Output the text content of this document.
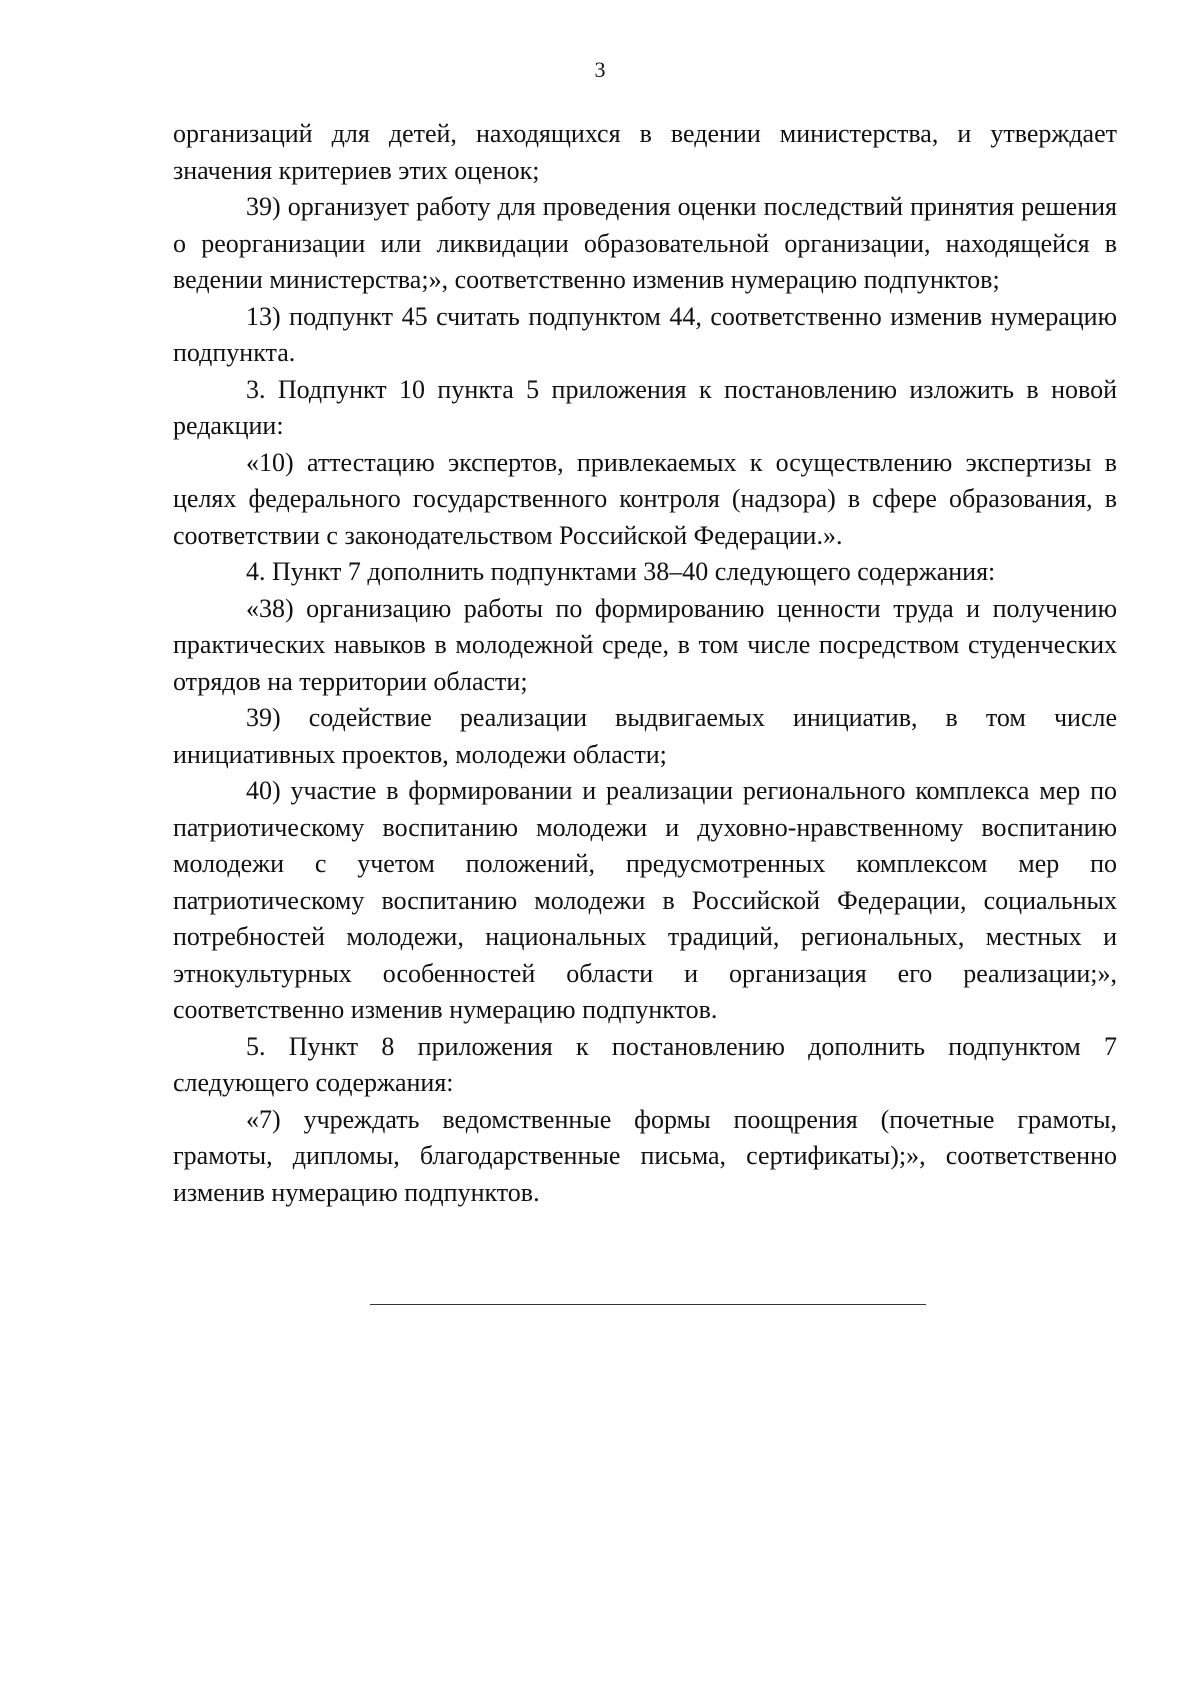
3

организаций для детей, находящихся в ведении министерства, и утверждает значения критериев этих оценок;

39) организует работу для проведения оценки последствий принятия решения о реорганизации или ликвидации образовательной организации, находящейся в ведении министерства;», соответственно изменив нумерацию подпунктов;

13) подпункт 45 считать подпунктом 44, соответственно изменив нумерацию подпункта.

3. Подпункт 10 пункта 5 приложения к постановлению изложить в новой редакции:

«10) аттестацию экспертов, привлекаемых к осуществлению экспертизы в целях федерального государственного контроля (надзора) в сфере образования, в соответствии с законодательством Российской Федерации.».

4. Пункт 7 дополнить подпунктами 38–40 следующего содержания:

«38) организацию работы по формированию ценности труда и получению практических навыков в молодежной среде, в том числе посредством студенческих отрядов на территории области;

39) содействие реализации выдвигаемых инициатив, в том числе инициативных проектов, молодежи области;

40) участие в формировании и реализации регионального комплекса мер по патриотическому воспитанию молодежи и духовно-нравственному воспитанию молодежи с учетом положений, предусмотренных комплексом мер по патриотическому воспитанию молодежи в Российской Федерации, социальных потребностей молодежи, национальных традиций, региональных, местных и этнокультурных особенностей области и организация его реализации;», соответственно изменив нумерацию подпунктов.

5. Пункт 8 приложения к постановлению дополнить подпунктом 7 следующего содержания:

«7) учреждать ведомственные формы поощрения (почетные грамоты, грамоты, дипломы, благодарственные письма, сертификаты);», соответственно изменив нумерацию подпунктов.
